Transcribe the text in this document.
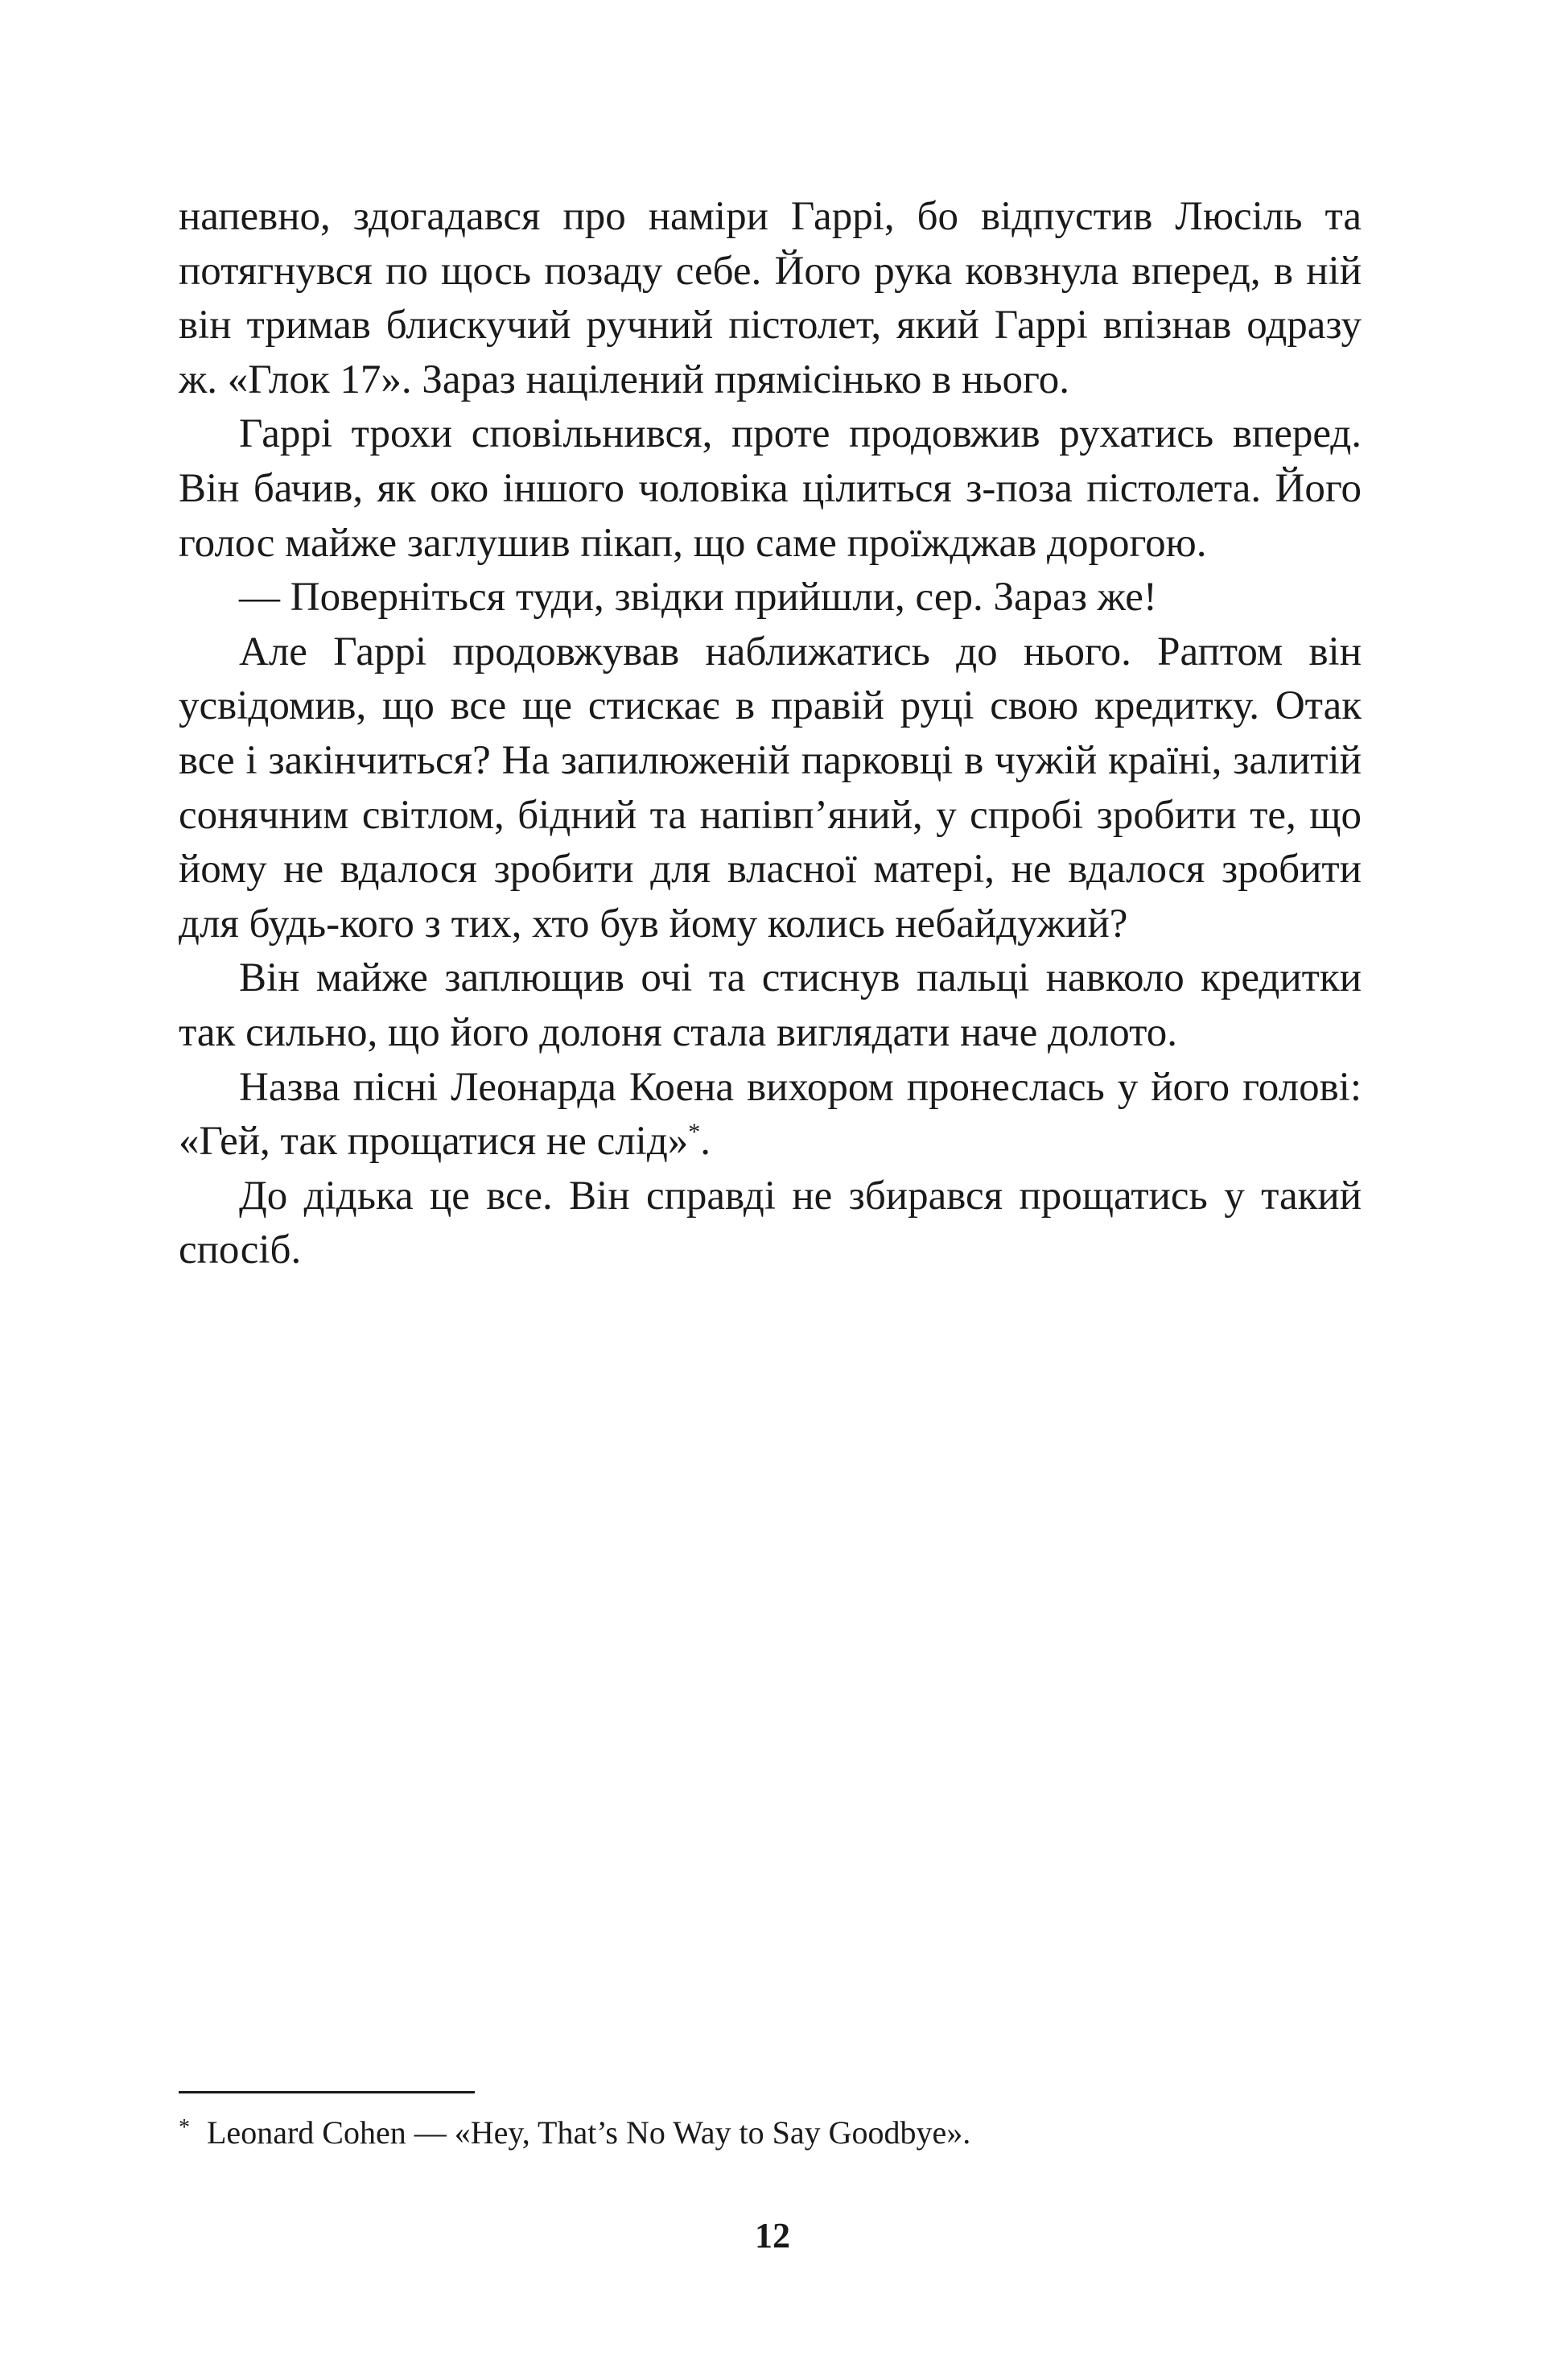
напевно, здогадався про наміри Гаррі, бо відпустив Люсіль та потягнувся по щось позаду себе. Його рука ковзнула вперед, в ній він тримав блискучий ручний пістолет, який Гаррі впізнав одразу ж. «Глок 17». Зараз націлений прямісінько в нього.

Гаррі трохи сповільнився, проте продовжив рухатись вперед. Він бачив, як око іншого чоловіка цілиться з-поза пістолета. Його голос майже заглушив пікап, що саме проїжджав дорогою.

— Поверніться туди, звідки прийшли, сер. Зараз же!

Але Гаррі продовжував наближатись до нього. Раптом він усвідомив, що все ще стискає в правій руці свою кредитку. Отак все і закінчиться? На запилюженій парковці в чужій країні, залитій сонячним світлом, бідний та напівп’яний, у спробі зробити те, що йому не вдалося зробити для власної матері, не вдалося зробити для будь-кого з тих, хто був йому колись небайдужий?

Він майже заплющив очі та стиснув пальці навколо кредитки так сильно, що його долоня стала виглядати наче долото.

Назва пісні Леонарда Коена вихором пронеслась у його голові: «Гей, так прощатися не слід»*.

До дідька це все. Він справді не збирався прощатись у такий спосіб.

* Leonard Cohen — «Hey, That’s No Way to Say Goodbye».
12
